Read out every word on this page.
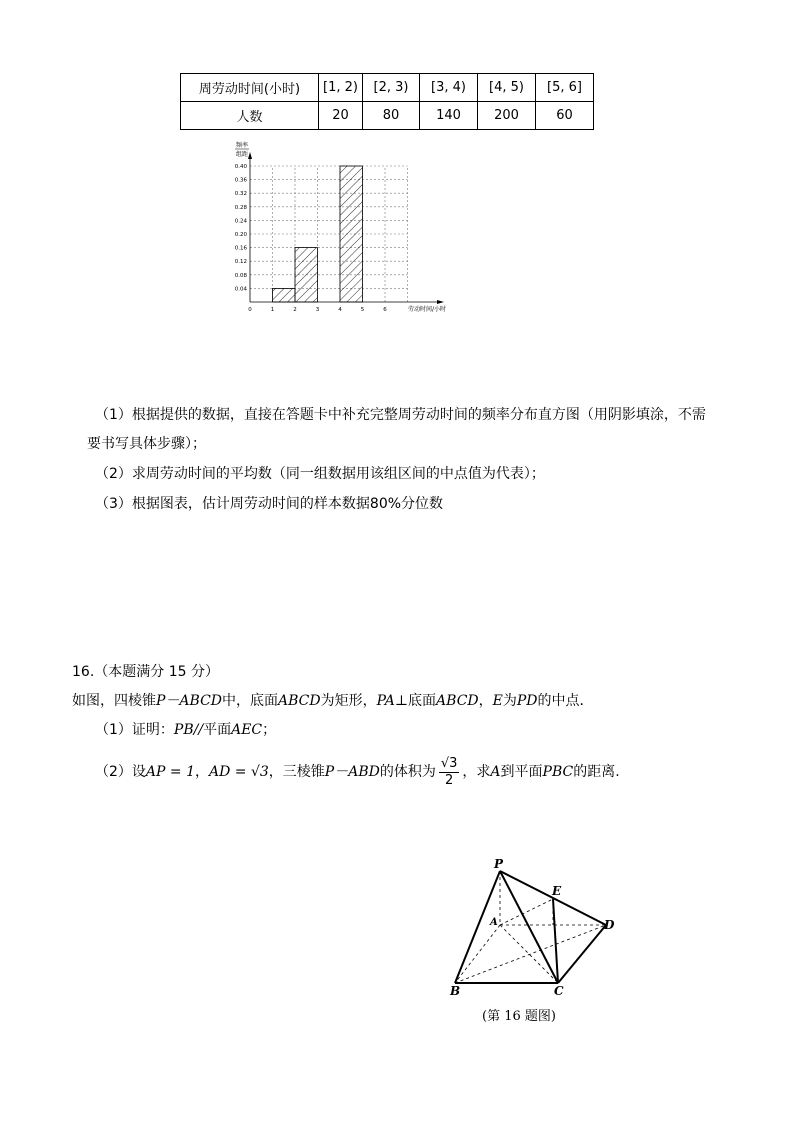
周劳动时间(小时)	[1, 2)	[2, 3)	[3, 4)	[4, 5)	[5, 6]
人数	20	80	140	200	60
0.04
0.08
0.12
0.16
0.20
0.24
0.28
0.32
0.36
0.40
0	1	2	3	4	5	6	劳动时间/小时
频率
组距
（1）根据提供的数据，直接在答题卡中补充完整周劳动时间的频率分布直方图（用阴影填涂，不需
要书写具体步骤）；
（2）求周劳动时间的平均数（同一组数据用该组区间的中点值为代表）；
（3）根据图表，估计周劳动时间的样本数据80%分位数
16.（本题满分 15 分）
如图，四棱锥P－ABCD中，底面ABCD为矩形，PA⊥底面ABCD，E为PD的中点．
（1）证明：PB//平面AEC；
（2）设AP = 1，AD = √3，三棱锥P－ABD的体积为 $\frac{√3}{2}$ ，求A到平面PBC的距离.
P
E
A	D
B	C
(第 16 题图)
